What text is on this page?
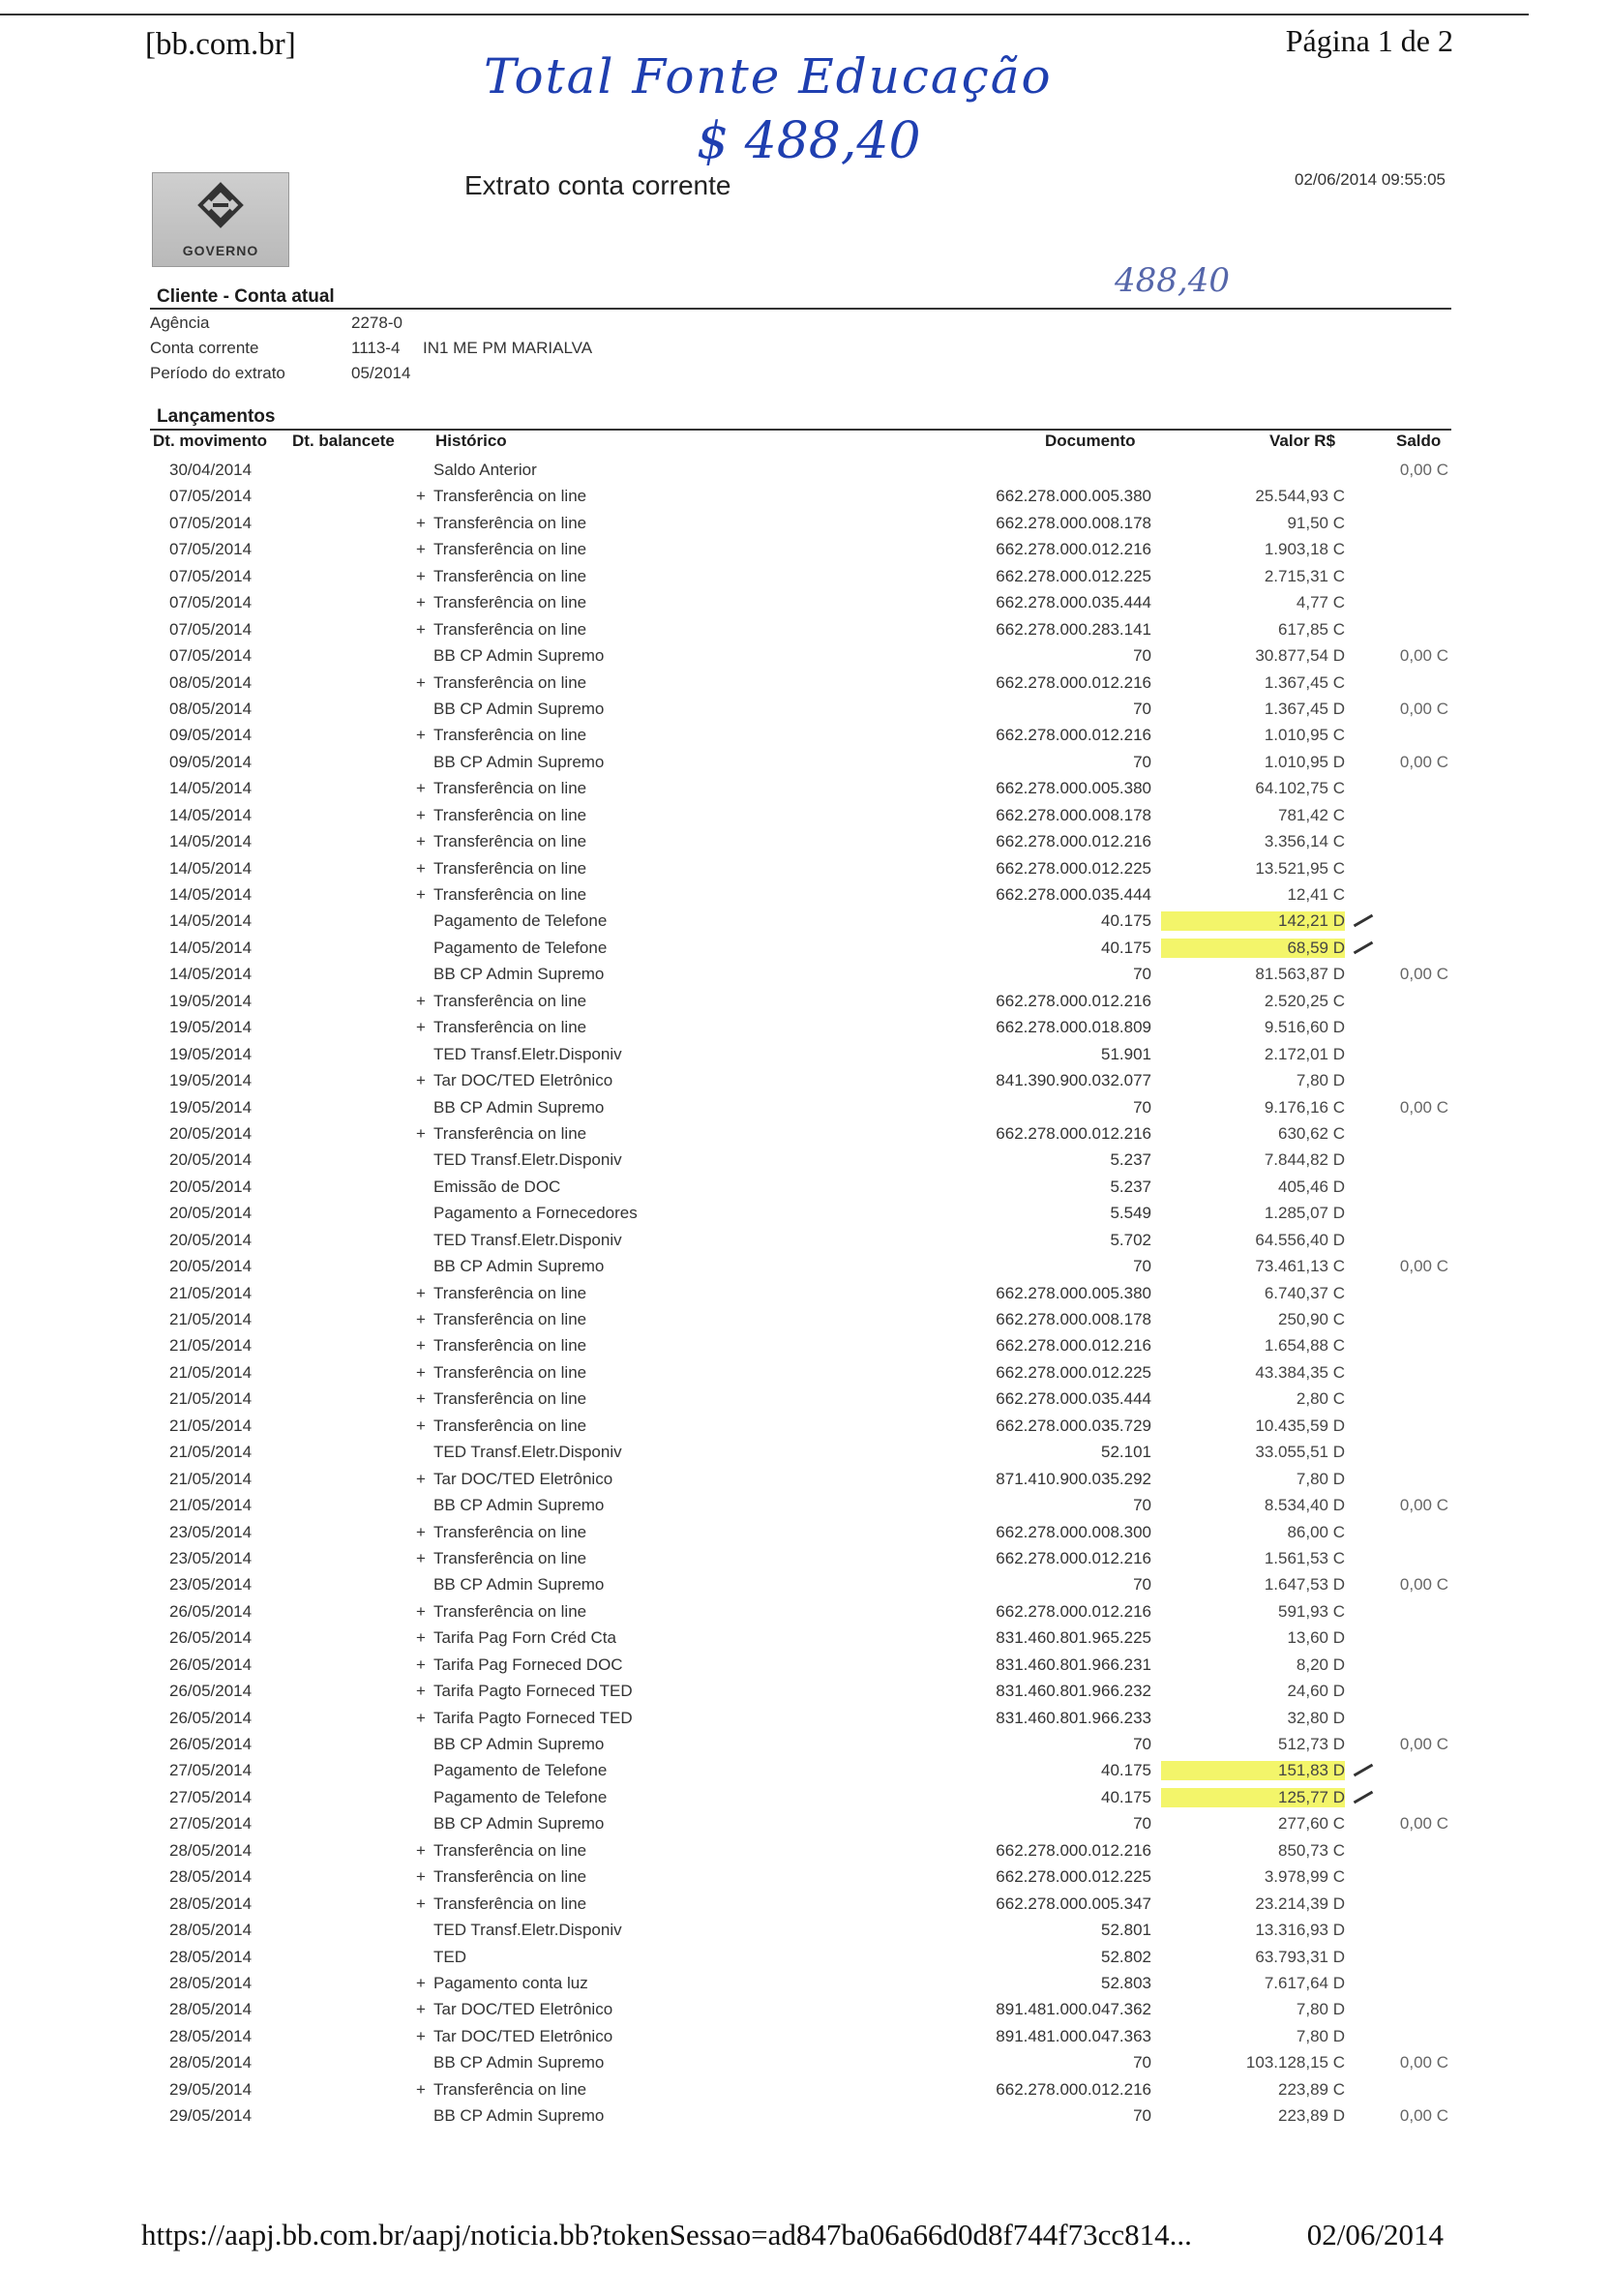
[bb.com.br]	Página 1 de 2
Total Fonte Educação
$ 488,40
488,40
GOVERNO
Extrato conta corrente	02/06/2014 09:55:05
Cliente - Conta atual
Agência	2278-0
Conta corrente	1113-4	IN1 ME PM MARIALVA
Período do extrato	05/2014
Lançamentos
Dt. movimento Dt. balancete Histórico	Documento	Valor R$	Saldo
30/04/2014	Saldo Anterior	0,00 C
07/05/2014	+ Transferência on line	662.278.000.005.380	25.544,93 C
07/05/2014	+ Transferência on line	662.278.000.008.178	91,50 C
07/05/2014	+ Transferência on line	662.278.000.012.216	1.903,18 C
07/05/2014	+ Transferência on line	662.278.000.012.225	2.715,31 C
07/05/2014	+ Transferência on line	662.278.000.035.444	4,77 C
07/05/2014	+ Transferência on line	662.278.000.283.141	617,85 C
07/05/2014	BB CP Admin Supremo	70	30.877,54 D	0,00 C
08/05/2014	+ Transferência on line	662.278.000.012.216	1.367,45 C
08/05/2014	BB CP Admin Supremo	70	1.367,45 D	0,00 C
09/05/2014	+ Transferência on line	662.278.000.012.216	1.010,95 C
09/05/2014	BB CP Admin Supremo	70	1.010,95 D	0,00 C
14/05/2014	+ Transferência on line	662.278.000.005.380	64.102,75 C
14/05/2014	+ Transferência on line	662.278.000.008.178	781,42 C
14/05/2014	+ Transferência on line	662.278.000.012.216	3.356,14 C
14/05/2014	+ Transferência on line	662.278.000.012.225	13.521,95 C
14/05/2014	+ Transferência on line	662.278.000.035.444	12,41 C
14/05/2014	Pagamento de Telefone	40.175	142,21 D
14/05/2014	Pagamento de Telefone	40.175	68,59 D
14/05/2014	BB CP Admin Supremo	70	81.563,87 D	0,00 C
19/05/2014	+ Transferência on line	662.278.000.012.216	2.520,25 C
19/05/2014	+ Transferência on line	662.278.000.018.809	9.516,60 D
19/05/2014	TED Transf.Eletr.Disponiv	51.901	2.172,01 D
19/05/2014	+ Tar DOC/TED Eletrônico	841.390.900.032.077	7,80 D
19/05/2014	BB CP Admin Supremo	70	9.176,16 C	0,00 C
20/05/2014	+ Transferência on line	662.278.000.012.216	630,62 C
20/05/2014	TED Transf.Eletr.Disponiv	5.237	7.844,82 D
20/05/2014	Emissão de DOC	5.237	405,46 D
20/05/2014	Pagamento a Fornecedores	5.549	1.285,07 D
20/05/2014	TED Transf.Eletr.Disponiv	5.702	64.556,40 D
20/05/2014	BB CP Admin Supremo	70	73.461,13 C	0,00 C
21/05/2014	+ Transferência on line	662.278.000.005.380	6.740,37 C
21/05/2014	+ Transferência on line	662.278.000.008.178	250,90 C
21/05/2014	+ Transferência on line	662.278.000.012.216	1.654,88 C
21/05/2014	+ Transferência on line	662.278.000.012.225	43.384,35 C
21/05/2014	+ Transferência on line	662.278.000.035.444	2,80 C
21/05/2014	+ Transferência on line	662.278.000.035.729	10.435,59 D
21/05/2014	TED Transf.Eletr.Disponiv	52.101	33.055,51 D
21/05/2014	+ Tar DOC/TED Eletrônico	871.410.900.035.292	7,80 D
21/05/2014	BB CP Admin Supremo	70	8.534,40 D	0,00 C
23/05/2014	+ Transferência on line	662.278.000.008.300	86,00 C
23/05/2014	+ Transferência on line	662.278.000.012.216	1.561,53 C
23/05/2014	BB CP Admin Supremo	70	1.647,53 D	0,00 C
26/05/2014	+ Transferência on line	662.278.000.012.216	591,93 C
26/05/2014	+ Tarifa Pag Forn Créd Cta	831.460.801.965.225	13,60 D
26/05/2014	+ Tarifa Pag Forneced DOC	831.460.801.966.231	8,20 D
26/05/2014	+ Tarifa Pagto Forneced TED	831.460.801.966.232	24,60 D
26/05/2014	+ Tarifa Pagto Forneced TED	831.460.801.966.233	32,80 D
26/05/2014	BB CP Admin Supremo	70	512,73 D	0,00 C
27/05/2014	Pagamento de Telefone	40.175	151,83 D
27/05/2014	Pagamento de Telefone	40.175	125,77 D
27/05/2014	BB CP Admin Supremo	70	277,60 C	0,00 C
28/05/2014	+ Transferência on line	662.278.000.012.216	850,73 C
28/05/2014	+ Transferência on line	662.278.000.012.225	3.978,99 C
28/05/2014	+ Transferência on line	662.278.000.005.347	23.214,39 D
28/05/2014	TED Transf.Eletr.Disponiv	52.801	13.316,93 D
28/05/2014	TED	52.802	63.793,31 D
28/05/2014	+ Pagamento conta luz	52.803	7.617,64 D
28/05/2014	+ Tar DOC/TED Eletrônico	891.481.000.047.362	7,80 D
28/05/2014	+ Tar DOC/TED Eletrônico	891.481.000.047.363	7,80 D
28/05/2014	BB CP Admin Supremo	70	103.128,15 C	0,00 C
29/05/2014	+ Transferência on line	662.278.000.012.216	223,89 C
29/05/2014	BB CP Admin Supremo	70	223,89 D	0,00 C
https://aapj.bb.com.br/aapj/noticia.bb?tokenSessao=ad847ba06a66d0d8f744f73cc814...	02/06/2014
